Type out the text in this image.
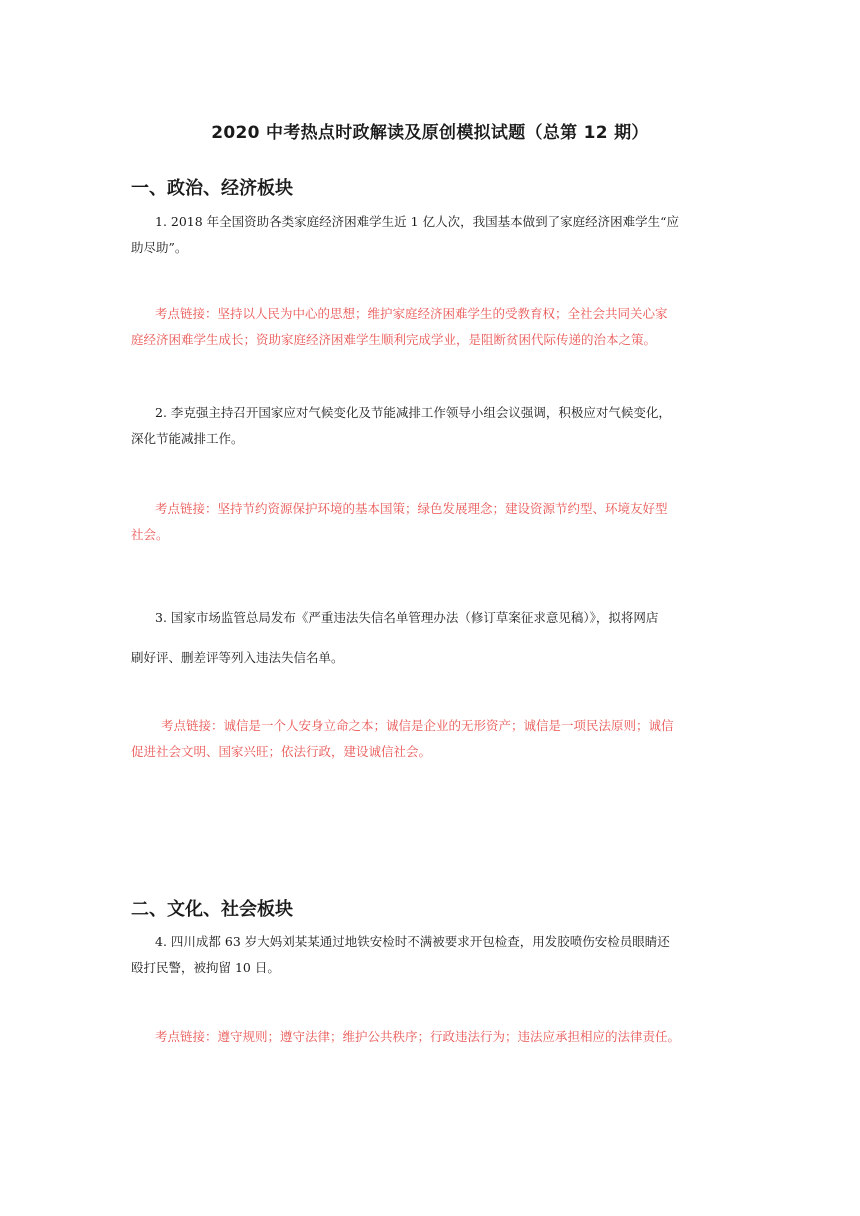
2020 中考热点时政解读及原创模拟试题（总第 12 期）
一、政治、经济板块
1. 2018 年全国资助各类家庭经济困难学生近 1 亿人次，我国基本做到了家庭经济困难学生“应
助尽助”。
考点链接：坚持以人民为中心的思想；维护家庭经济困难学生的受教育权；全社会共同关心家
庭经济困难学生成长；资助家庭经济困难学生顺利完成学业，是阻断贫困代际传递的治本之策。
2. 李克强主持召开国家应对气候变化及节能减排工作领导小组会议强调，积极应对气候变化，
深化节能减排工作。
考点链接：坚持节约资源保护环境的基本国策；绿色发展理念；建设资源节约型、环境友好型
社会。
3. 国家市场监管总局发布《严重违法失信名单管理办法（修订草案征求意见稿）》，拟将网店
刷好评、删差评等列入违法失信名单。
考点链接：诚信是一个人安身立命之本；诚信是企业的无形资产；诚信是一项民法原则；诚信
促进社会文明、国家兴旺；依法行政，建设诚信社会。
二、文化、社会板块
4. 四川成都 63 岁大妈刘某某通过地铁安检时不满被要求开包检查，用发胶喷伤安检员眼睛还
殴打民警，被拘留 10 日。
考点链接：遵守规则；遵守法律；维护公共秩序；行政违法行为；违法应承担相应的法律责任。
